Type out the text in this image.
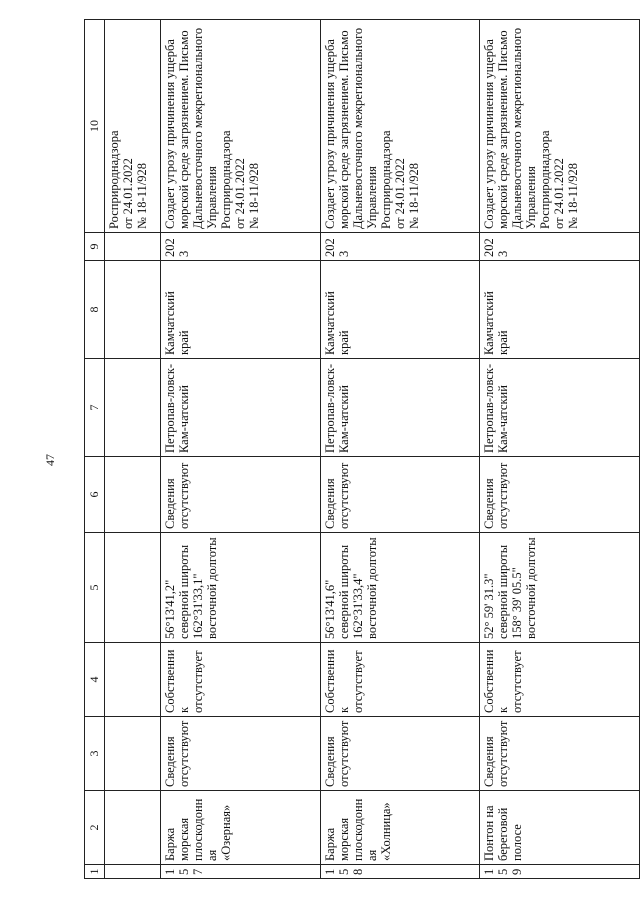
47
1	2	3	4	5	6	7	8	9	10
									Росприроднадзора
от 24.01.2022
№ 18-11/928
157	Баржа морская плоскодонная «Озерная»	Сведения отсутствуют	Собственник отсутствует	56°13'41,2" северной широты 162°31'33,1" восточной долготы	Сведения отсутствуют	Петропав-ловск-Кам-чатский	Камчатский край	2023	Создает угрозу причинения ущерба морской среде загрязнением. Письмо Дальневосточного межрегионального Управления
Росприроднадзора
от 24.01.2022
№ 18-11/928
158	Баржа морская плоскодонная «Холница»	Сведения отсутствуют	Собственник отсутствует	56°13'41,6" северной широты 162°31'33,4" восточной долготы	Сведения отсутствуют	Петропав-ловск-Кам-чатский	Камчатский край	2023	Создает угрозу причинения ущерба морской среде загрязнением. Письмо Дальневосточного межрегионального Управления
Росприроднадзора
от 24.01.2022
№ 18-11/928
159	Понтон на береговой полосе	Сведения отсутствуют	Собственник отсутствует	52° 59' 31.3" северной широты 158° 39' 05.5" восточной долготы	Сведения отсутствуют	Петропав-ловск-Кам-чатский	Камчатский край	2023	Создает угрозу причинения ущерба морской среде загрязнением. Письмо Дальневосточного межрегионального Управления
Росприроднадзора
от 24.01.2022
№ 18-11/928
